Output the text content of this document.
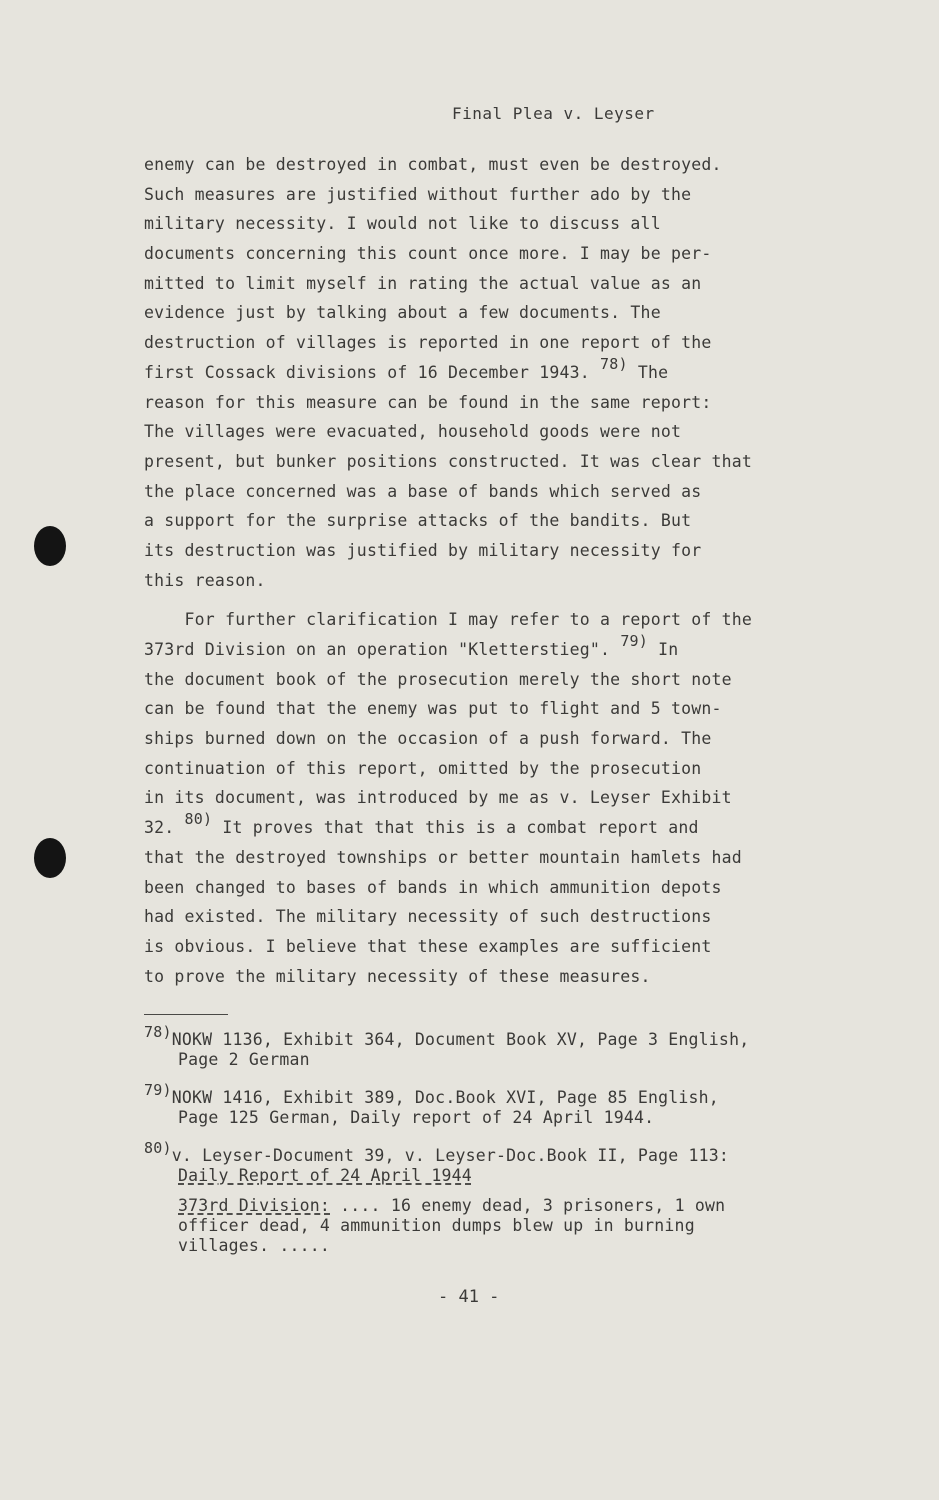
Final Plea v. Leyser
enemy can be destroyed in combat, must even be destroyed.
Such measures are justified without further ado by the
military necessity. I would not like to discuss all
documents concerning this count once more. I may be per-
mitted to limit myself in rating the actual value as an
evidence just by talking about a few documents. The
destruction of villages is reported in one report of the
first Cossack divisions of 16 December 1943. $^{78)}$ The
reason for this measure can be found in the same report:
The villages were evacuated, household goods were not
present, but bunker positions constructed. It was clear that
the place concerned was a base of bands which served as
a support for the surprise attacks of the bandits. But
its destruction was justified by military necessity for
this reason.
For further clarification I may refer to a report of the
373rd Division on an operation "Kletterstieg". $^{79)}$ In
the document book of the prosecution merely the short note
can be found that the enemy was put to flight and 5 town-
ships burned down on the occasion of a push forward. The
continuation of this report, omitted by the prosecution
in its document, was introduced by me as v. Leyser Exhibit
32. $^{80)}$ It proves that that this is a combat report and
that the destroyed townships or better mountain hamlets had
been changed to bases of bands in which ammunition depots
had existed. The military necessity of such destructions
is obvious. I believe that these examples are sufficient
to prove the military necessity of these measures.
78)NOKW 1136, Exhibit 364, Document Book XV, Page 3 English,
Page 2 German
79)NOKW 1416, Exhibit 389, Doc.Book XVI, Page 85 English,
Page 125 German, Daily report of 24 April 1944.
80)v. Leyser-Document 39, v. Leyser-Doc.Book II, Page 113:
Daily Report of 24 April 1944
373rd Division: .... 16 enemy dead, 3 prisoners, 1 own
officer dead, 4 ammunition dumps blew up in burning
villages. .....
- 41 -
